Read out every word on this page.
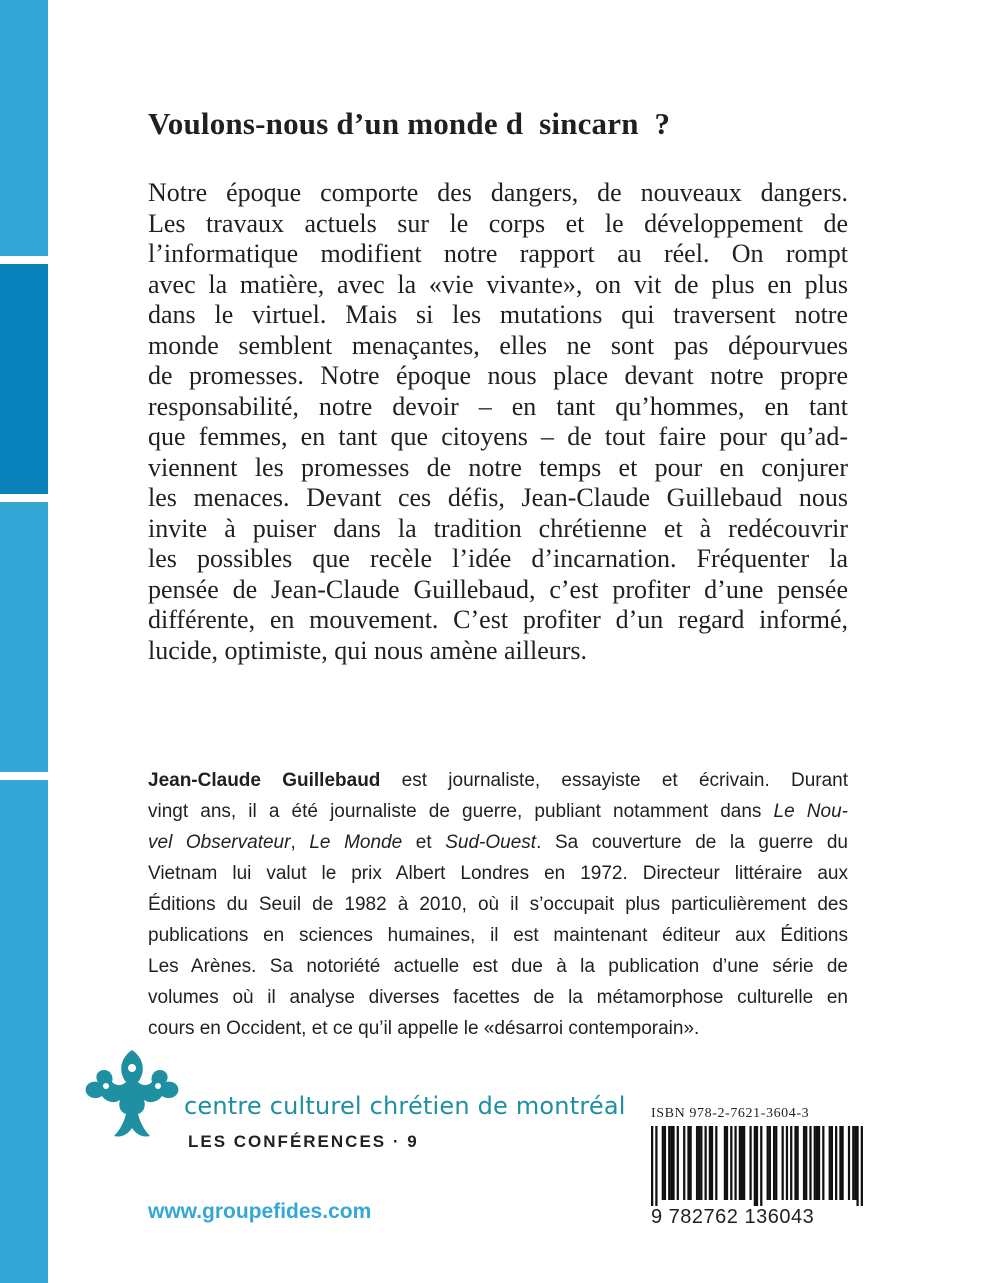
Voulons-nous d’un monde d  sincarn  ?
Notre époque comporte des dangers, de nouveaux dangers.
Les travaux actuels sur le corps et le développement de
l’informatique modifient notre rapport au réel. On rompt
avec la matière, avec la «vie vivante», on vit de plus en plus
dans le virtuel. Mais si les mutations qui traversent notre
monde semblent menaçantes, elles ne sont pas dépourvues
de promesses. Notre époque nous place devant notre propre
responsabilité, notre devoir – en tant qu’hommes, en tant
que femmes, en tant que citoyens – de tout faire pour qu’ad-
viennent les promesses de notre temps et pour en conjurer
les menaces. Devant ces défis, Jean-Claude Guillebaud nous
invite à puiser dans la tradition chrétienne et à redécouvrir
les possibles que recèle l’idée d’incarnation. Fréquenter la
pensée de Jean-Claude Guillebaud, c’est profiter d’une pensée
différente, en mouvement. C’est profiter d’un regard informé,
lucide, optimiste, qui nous amène ailleurs.
Jean-Claude Guillebaud est journaliste, essayiste et écrivain. Durant
vingt ans, il a été journaliste de guerre, publiant notamment dans Le Nou-
vel Observateur, Le Monde et Sud-Ouest. Sa couverture de la guerre du
Vietnam lui valut le prix Albert Londres en 1972. Directeur littéraire aux
Éditions du Seuil de 1982 à 2010, où il s’occupait plus particulièrement des
publications en sciences humaines, il est maintenant éditeur aux Éditions
Les Arènes. Sa notoriété actuelle est due à la publication d’une série de
volumes où il analyse diverses facettes de la métamorphose culturelle en
cours en Occident, et ce qu’il appelle le «désarroi contemporain».
centre culturel chrétien de montréal
LES CONFÉRENCES · 9
www.groupefides.com
ISBN 978-2-7621-3604-3
9 782762 136043
